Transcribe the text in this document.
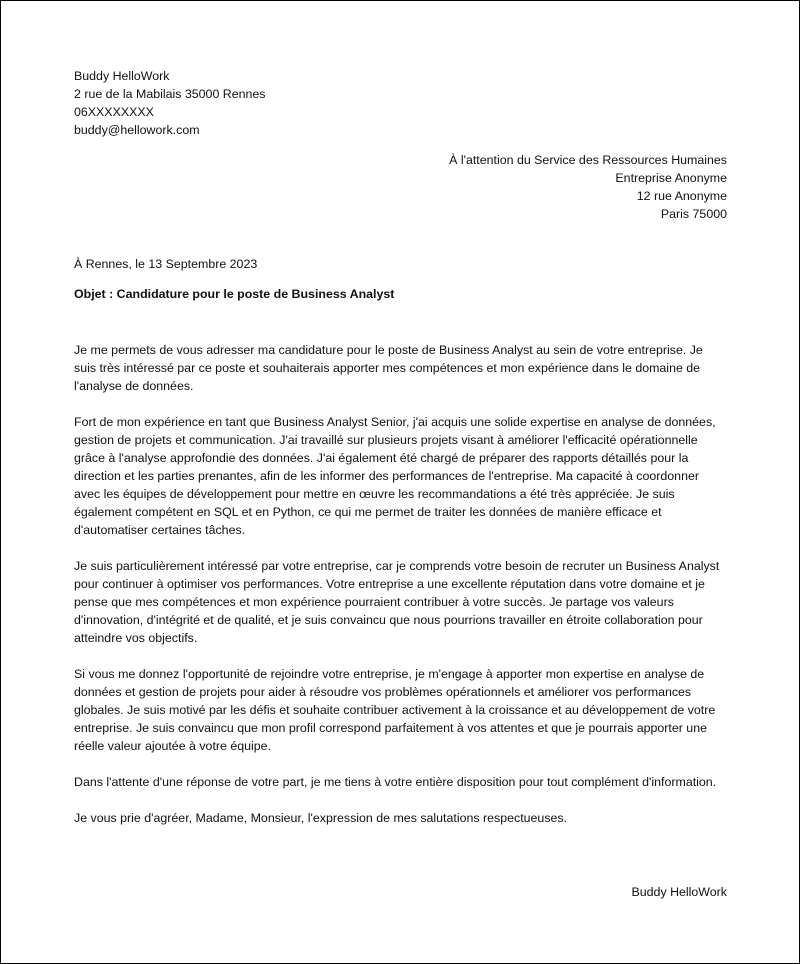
Buddy HelloWork
2 rue de la Mabilais 35000 Rennes
06XXXXXXXX
buddy@hellowork.com
À l'attention du Service des Ressources Humaines
Entreprise Anonyme
12 rue Anonyme
Paris 75000
À Rennes, le 13 Septembre 2023
Objet : Candidature pour le poste de Business Analyst

Je me permets de vous adresser ma candidature pour le poste de Business Analyst au sein de votre entreprise. Je suis très intéressé par ce poste et souhaiterais apporter mes compétences et mon expérience dans le domaine de l'analyse de données.

Fort de mon expérience en tant que Business Analyst Senior, j'ai acquis une solide expertise en analyse de données, gestion de projets et communication. J'ai travaillé sur plusieurs projets visant à améliorer l'efficacité opérationnelle grâce à l'analyse approfondie des données. J'ai également été chargé de préparer des rapports détaillés pour la direction et les parties prenantes, afin de les informer des performances de l'entreprise. Ma capacité à coordonner avec les équipes de développement pour mettre en œuvre les recommandations a été très appréciée. Je suis également compétent en SQL et en Python, ce qui me permet de traiter les données de manière efficace et d'automatiser certaines tâches.

Je suis particulièrement intéressé par votre entreprise, car je comprends votre besoin de recruter un Business Analyst pour continuer à optimiser vos performances. Votre entreprise a une excellente réputation dans votre domaine et je pense que mes compétences et mon expérience pourraient contribuer à votre succès. Je partage vos valeurs d'innovation, d'intégrité et de qualité, et je suis convaincu que nous pourrions travailler en étroite collaboration pour atteindre vos objectifs.

Si vous me donnez l'opportunité de rejoindre votre entreprise, je m'engage à apporter mon expertise en analyse de données et gestion de projets pour aider à résoudre vos problèmes opérationnels et améliorer vos performances globales. Je suis motivé par les défis et souhaite contribuer activement à la croissance et au développement de votre entreprise. Je suis convaincu que mon profil correspond parfaitement à vos attentes et que je pourrais apporter une réelle valeur ajoutée à votre équipe.

Dans l'attente d'une réponse de votre part, je me tiens à votre entière disposition pour tout complément d'information.

Je vous prie d'agréer, Madame, Monsieur, l'expression de mes salutations respectueuses.

Buddy HelloWork
